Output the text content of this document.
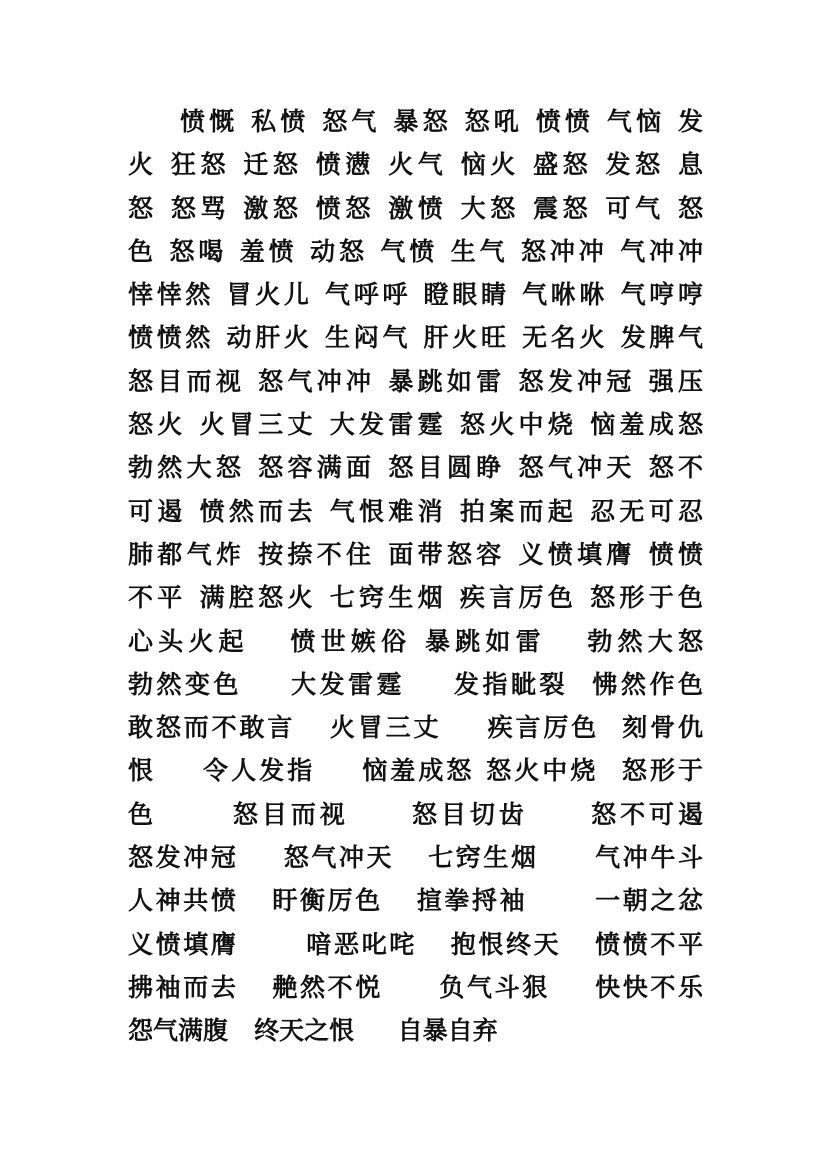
愤慨 私愤 怒气 暴怒 怒吼 愤愤 气恼 发
火 狂怒 迁怒 愤懑 火气 恼火 盛怒 发怒 息
怒 怒骂 激怒 愤怒 激愤 大怒 震怒 可气 怒
色 怒喝 羞愤 动怒 气愤 生气 怒冲冲 气冲冲
悻悻然 冒火儿 气呼呼 瞪眼睛 气咻咻 气哼哼
愤愤然 动肝火 生闷气 肝火旺 无名火 发脾气
怒目而视 怒气冲冲 暴跳如雷 怒发冲冠 强压
怒火 火冒三丈 大发雷霆 怒火中烧 恼羞成怒
勃然大怒 怒容满面 怒目圆睁 怒气冲天 怒不
可遏 愤然而去 气恨难消 拍案而起 忍无可忍
肺都气炸 按捺不住 面带怒容 义愤填膺 愤愤
不平 满腔怒火 七窍生烟 疾言厉色 怒形于色
心头火起   愤世嫉俗 暴跳如雷   勃然大怒
勃然变色    大发雷霆    发指眦裂  怫然作色
敢怒而不敢言   火冒三丈    疾言厉色  刻骨仇
恨    令人发指    恼羞成怒 怒火中烧  怒形于
色      怒目而视     怒目切齿     怒不可遏
怒发冲冠    怒气冲天   七窍生烟     气冲牛斗
人神共愤   盱衡厉色   揎拳捋袖      一朝之忿
义愤填膺      喑恶叱咤   抱恨终天   愤愤不平
拂袖而去   艴然不悦     负气斗狠    快快不乐
怨气满腹   终天之恨     自暴自弃
